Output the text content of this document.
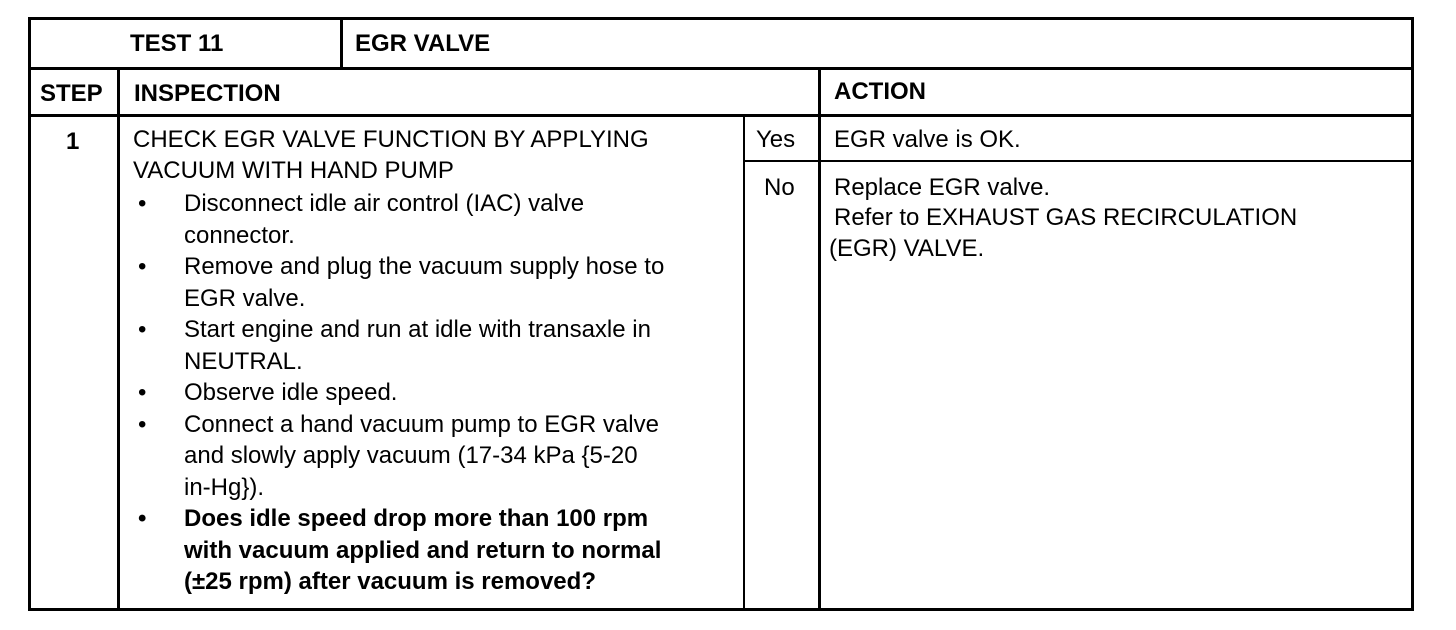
TEST 11	EGR VALVE
STEP INSPECTION	ACTION
1 CHECK EGR VALVE FUNCTION BY APPLYING
VACUUM WITH HAND PUMP
• Disconnect idle air control (IAC) valve
connector.
• Remove and plug the vacuum supply hose to
EGR valve.
• Start engine and run at idle with transaxle in
NEUTRAL.
• Observe idle speed.
• Connect a hand vacuum pump to EGR valve
and slowly apply vacuum (17-34 kPa {5-20
in-Hg}).
• Does idle speed drop more than 100 rpm
with vacuum applied and return to normal
(±25 rpm) after vacuum is removed?
Yes
No
EGR valve is OK.
Replace EGR valve.
Refer to EXHAUST GAS RECIRCULATION
(EGR) VALVE.
